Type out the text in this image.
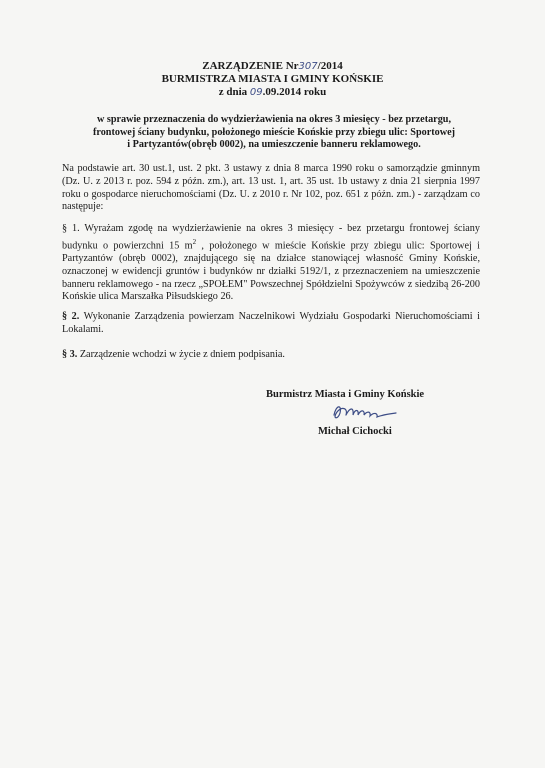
ZARZĄDZENIE Nr307/2014
BURMISTRZA MIASTA I GMINY KOŃSKIE
z dnia 09.09.2014 roku
w sprawie przeznaczenia do wydzierżawienia na okres 3 miesięcy - bez przetargu,
frontowej ściany budynku, położonego mieście Końskie przy zbiegu ulic: Sportowej
i Partyzantów(obręb 0002), na umieszczenie banneru reklamowego.
Na podstawie art. 30 ust.1, ust. 2 pkt. 3 ustawy z dnia 8 marca 1990 roku o samorządzie gminnym (Dz. U. z 2013 r. poz. 594 z późn. zm.), art. 13 ust. 1, art. 35 ust. 1b ustawy z dnia 21 sierpnia 1997 roku o gospodarce nieruchomościami (Dz. U. z 2010 r. Nr 102, poz. 651 z późn. zm.) - zarządzam co następuje:
§ 1. Wyrażam zgodę na wydzierżawienie na okres 3 miesięcy - bez przetargu frontowej ściany budynku o powierzchni 15 $m^2$ , położonego w mieście Końskie przy zbiegu ulic: Sportowej i Partyzantów (obręb 0002), znajdującego się na działce stanowiącej własność Gminy Końskie, oznaczonej w ewidencji gruntów i budynków nr działki 5192/1, z przeznaczeniem na umieszczenie banneru reklamowego - na rzecz „SPOŁEM" Powszechnej Spółdzielni Spożywców z siedzibą 26-200 Końskie ulica Marszałka Piłsudskiego 26.
§ 2. Wykonanie Zarządzenia powierzam Naczelnikowi Wydziału Gospodarki Nieruchomościami i Lokalami.
§ 3. Zarządzenie wchodzi w życie z dniem podpisania.
Burmistrz Miasta i Gminy Końskie
Michał Cichocki
